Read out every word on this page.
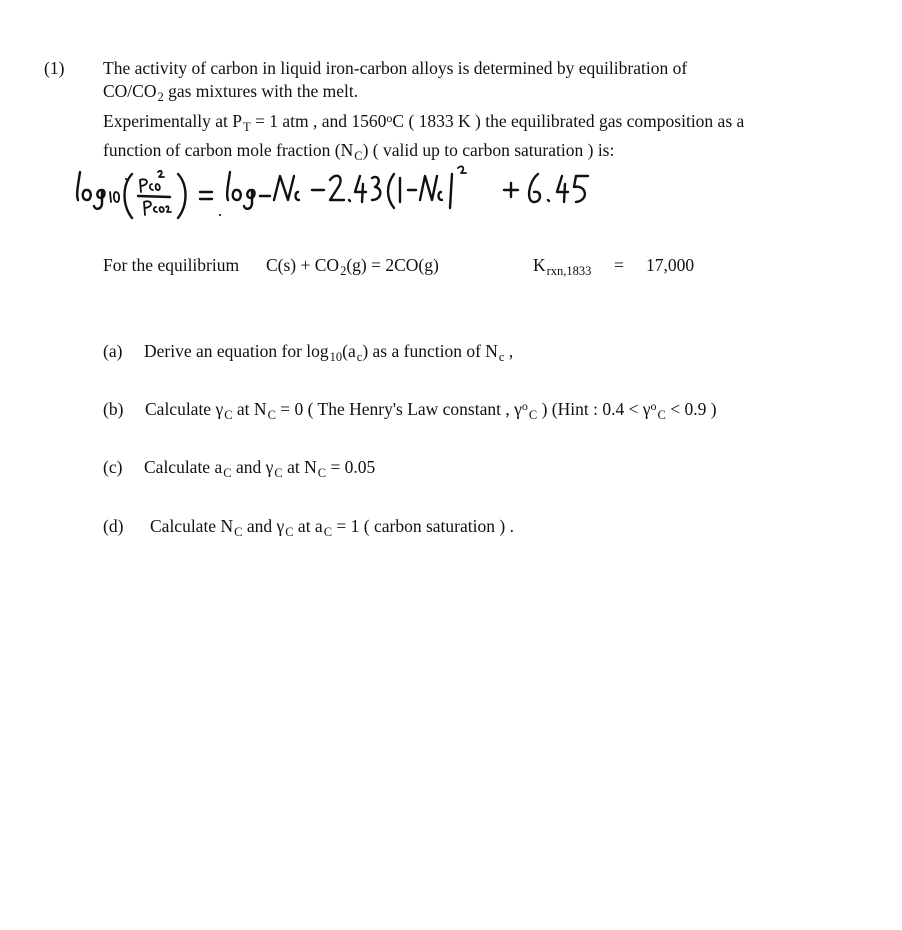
(1) The activity of carbon in liquid iron-carbon alloys is determined by equilibration of
$CO/CO_2$ gas mixtures with the melt.
Experimentally at $P_T = 1$ atm , and 1560$^o$C ( 1833 K ) the equilibrated gas composition as a
function of carbon mole fraction $(N_C)$ ( valid up to carbon saturation ) is:
For the equilibrium $C(s) + CO_2(g) = 2CO(g)$	$K_{rxn,1833} = 17,000$
(a) Derive an equation for $\log_{10}(a_c)$ as a function of $N_c$ ,
(b) Calculate $\gamma_C$ at $N_C = 0$ ( The Henry's Law constant , $\gamma^o_C$ ) (Hint : $0.4 < \gamma^o_C < 0.9$ )
(c) Calculate $a_C$ and $\gamma_C$ at $N_C = 0.05$
(d) Calculate $N_C$ and $\gamma_C$ at $a_C = 1$ ( carbon saturation ) .
